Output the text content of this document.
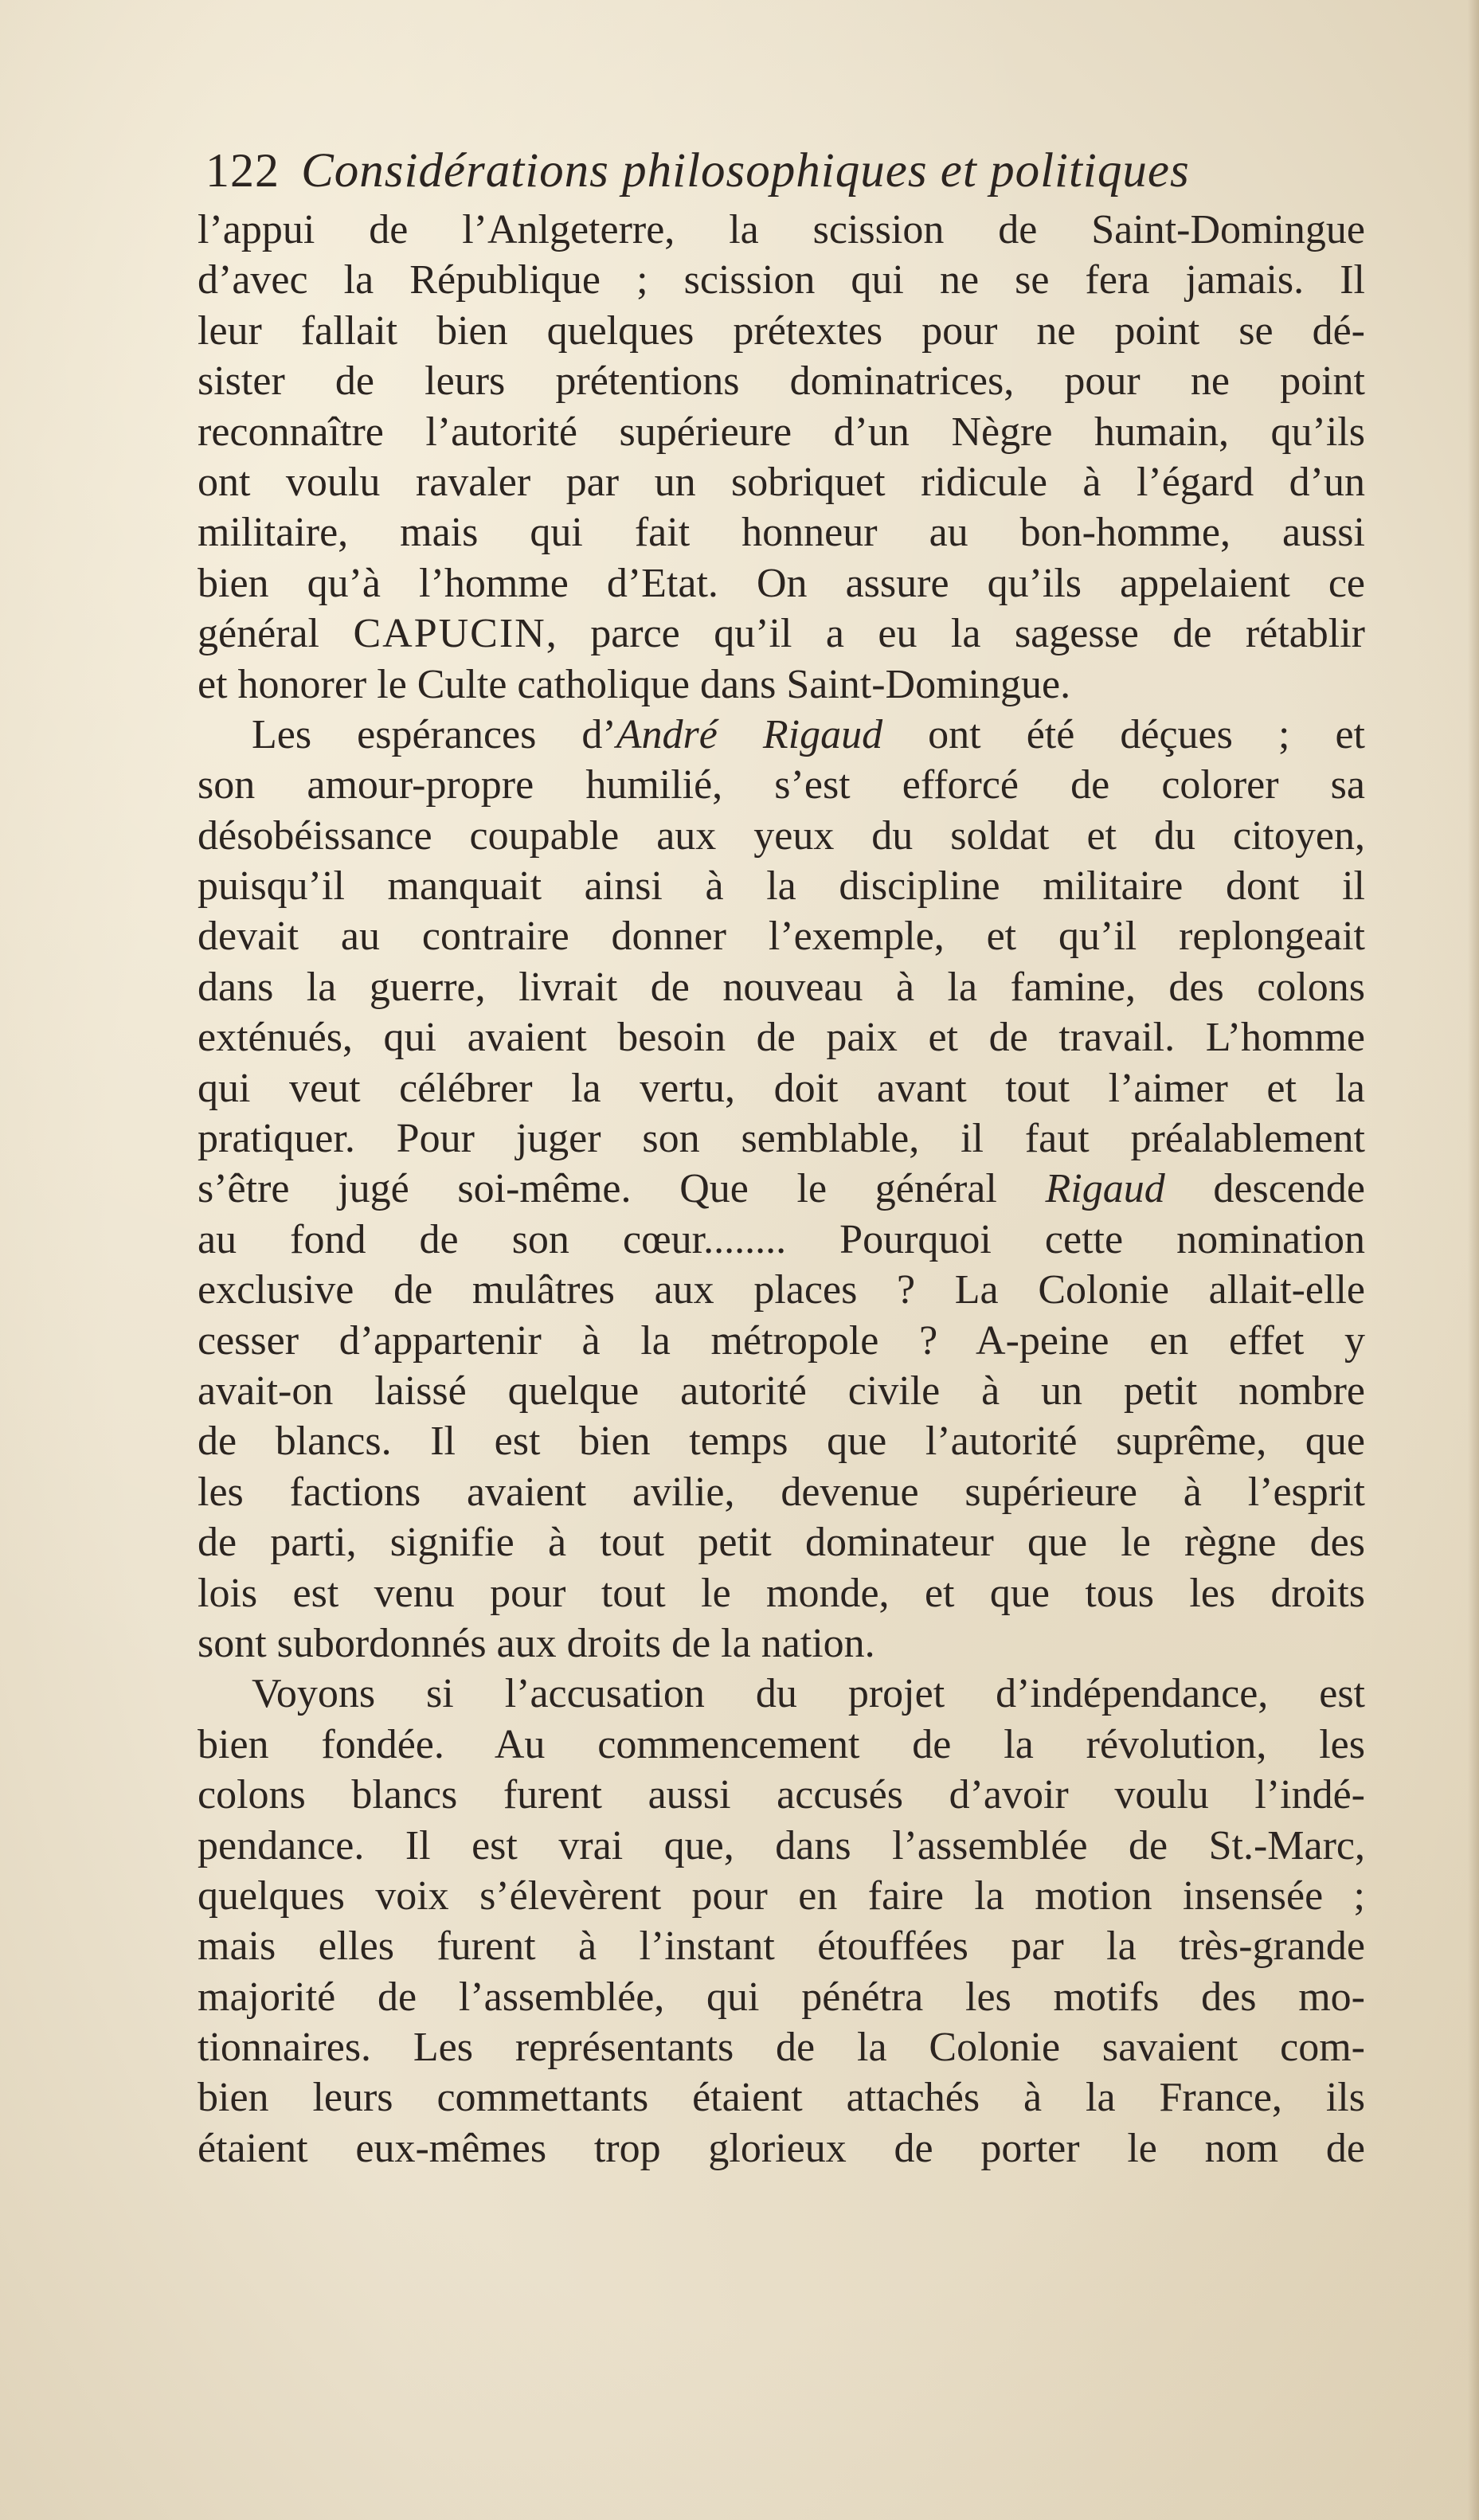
122 Considérations philosophiques et politiques
l’appui de l’Anlgeterre, la scission de Saint-Domingue
d’avec la République ; scission qui ne se fera jamais. Il
leur fallait bien quelques prétextes pour ne point se dé-
sister de leurs prétentions dominatrices, pour ne point
reconnaître l’autorité supérieure d’un Nègre humain, qu’ils
ont voulu ravaler par un sobriquet ridicule à l’égard d’un
militaire, mais qui fait honneur au bon-homme, aussi
bien qu’à l’homme d’Etat. On assure qu’ils appelaient ce
général CAPUCIN, parce qu’il a eu la sagesse de rétablir
et honorer le Culte catholique dans Saint-Domingue.
Les espérances d’André Rigaud ont été déçues ; et
son amour-propre humilié, s’est efforcé de colorer sa
désobéissance coupable aux yeux du soldat et du citoyen,
puisqu’il manquait ainsi à la discipline militaire dont il
devait au contraire donner l’exemple, et qu’il replongeait
dans la guerre, livrait de nouveau à la famine, des colons
exténués, qui avaient besoin de paix et de travail. L’homme
qui veut célébrer la vertu, doit avant tout l’aimer et la
pratiquer. Pour juger son semblable, il faut préalablement
s’être jugé soi-même. Que le général Rigaud descende
au fond de son cœur........ Pourquoi cette nomination
exclusive de mulâtres aux places ? La Colonie allait-elle
cesser d’appartenir à la métropole ? A-peine en effet y
avait-on laissé quelque autorité civile à un petit nombre
de blancs. Il est bien temps que l’autorité suprême, que
les factions avaient avilie, devenue supérieure à l’esprit
de parti, signifie à tout petit dominateur que le règne des
lois est venu pour tout le monde, et que tous les droits
sont subordonnés aux droits de la nation.
Voyons si l’accusation du projet d’indépendance, est
bien fondée. Au commencement de la révolution, les
colons blancs furent aussi accusés d’avoir voulu l’indé-
pendance. Il est vrai que, dans l’assemblée de St.-Marc,
quelques voix s’élevèrent pour en faire la motion insensée ;
mais elles furent à l’instant étouffées par la très-grande
majorité de l’assemblée, qui pénétra les motifs des mo-
tionnaires. Les représentants de la Colonie savaient com-
bien leurs commettants étaient attachés à la France, ils
étaient eux-mêmes trop glorieux de porter le nom de
